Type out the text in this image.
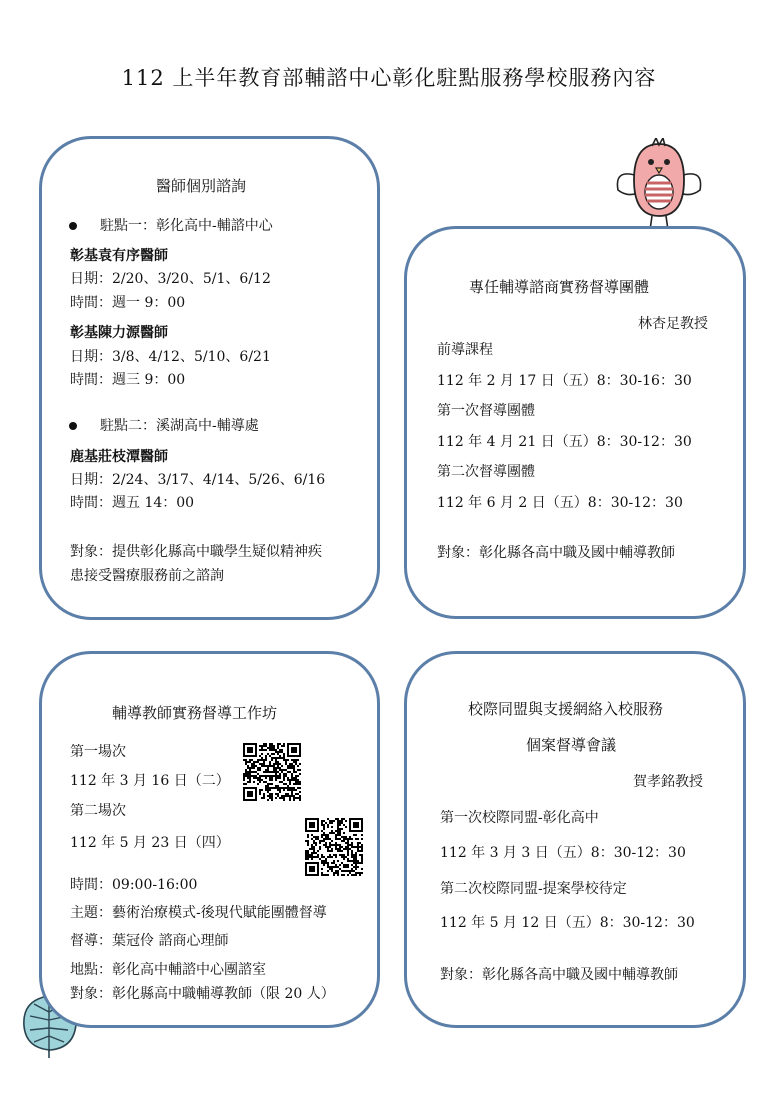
112 上半年教育部輔諮中心彰化駐點服務學校服務內容
醫師個別諮詢
駐點一：彰化高中-輔諮中心
彰基袁有序醫師
日期：2/20、3/20、5/1、6/12
時間：週一 9：00
彰基陳力源醫師
日期：3/8、4/12、5/10、6/21
時間：週三 9：00
駐點二：溪湖高中-輔導處
鹿基莊枝潭醫師
日期：2/24、3/17、4/14、5/26、6/16
時間：週五 14：00
對象：提供彰化縣高中職學生疑似精神疾
患接受醫療服務前之諮詢
專任輔導諮商實務督導團體
林杏足教授
前導課程
112 年 2 月 17 日（五）8：30-16：30
第一次督導團體
112 年 4 月 21 日（五）8：30-12：30
第二次督導團體
112 年 6 月 2 日（五）8：30-12：30
對象：彰化縣各高中職及國中輔導教師
輔導教師實務督導工作坊
第一場次
112 年 3 月 16 日（二）
第二場次
112 年 5 月 23 日（四）
時間：09:00-16:00
主題：藝術治療模式-後現代賦能團體督導
督導：葉冠伶 諮商心理師
地點：彰化高中輔諮中心團諮室
對象：彰化縣高中職輔導教師（限 20 人）
校際同盟與支援網絡入校服務
個案督導會議
賀孝銘教授
第一次校際同盟-彰化高中
112 年 3 月 3 日（五）8：30-12：30
第二次校際同盟-提案學校待定
112 年 5 月 12 日（五）8：30-12：30
對象：彰化縣各高中職及國中輔導教師
